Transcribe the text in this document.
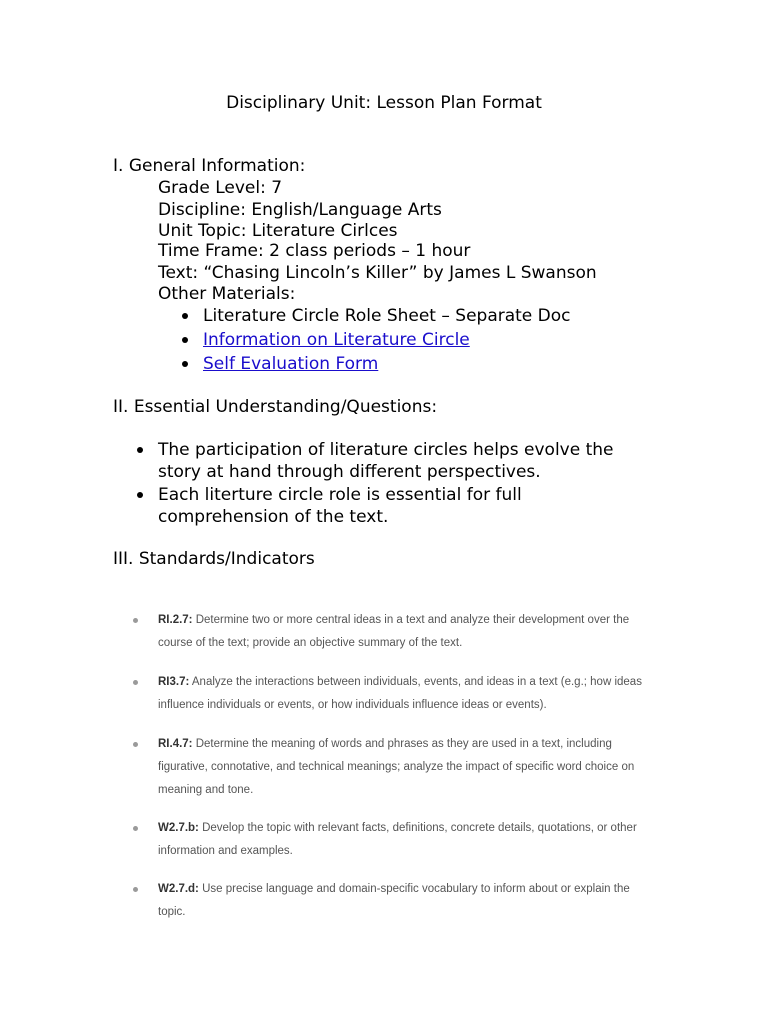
Disciplinary Unit: Lesson Plan Format
I. General Information:
Grade Level: 7
Discipline: English/Language Arts
Unit Topic: Literature Cirlces
Time Frame: 2 class periods – 1 hour
Text: “Chasing Lincoln’s Killer” by James L Swanson
Other Materials:
Literature Circle Role Sheet – Separate Doc
Information on Literature Circle
Self Evaluation Form
II. Essential Understanding/Questions:
The participation of literature circles helps evolve the story at hand through different perspectives.
Each literture circle role is essential for full comprehension of the text.
III. Standards/Indicators
RI.2.7: Determine two or more central ideas in a text and analyze their development over the course of the text; provide an objective summary of the text.
RI3.7: Analyze the interactions between individuals, events, and ideas in a text (e.g.; how ideas influence individuals or events, or how individuals influence ideas or events).
RI.4.7: Determine the meaning of words and phrases as they are used in a text, including figurative, connotative, and technical meanings; analyze the impact of specific word choice on meaning and tone.
W2.7.b: Develop the topic with relevant facts, definitions, concrete details, quotations, or other information and examples.
W2.7.d: Use precise language and domain-specific vocabulary to inform about or explain the topic.
